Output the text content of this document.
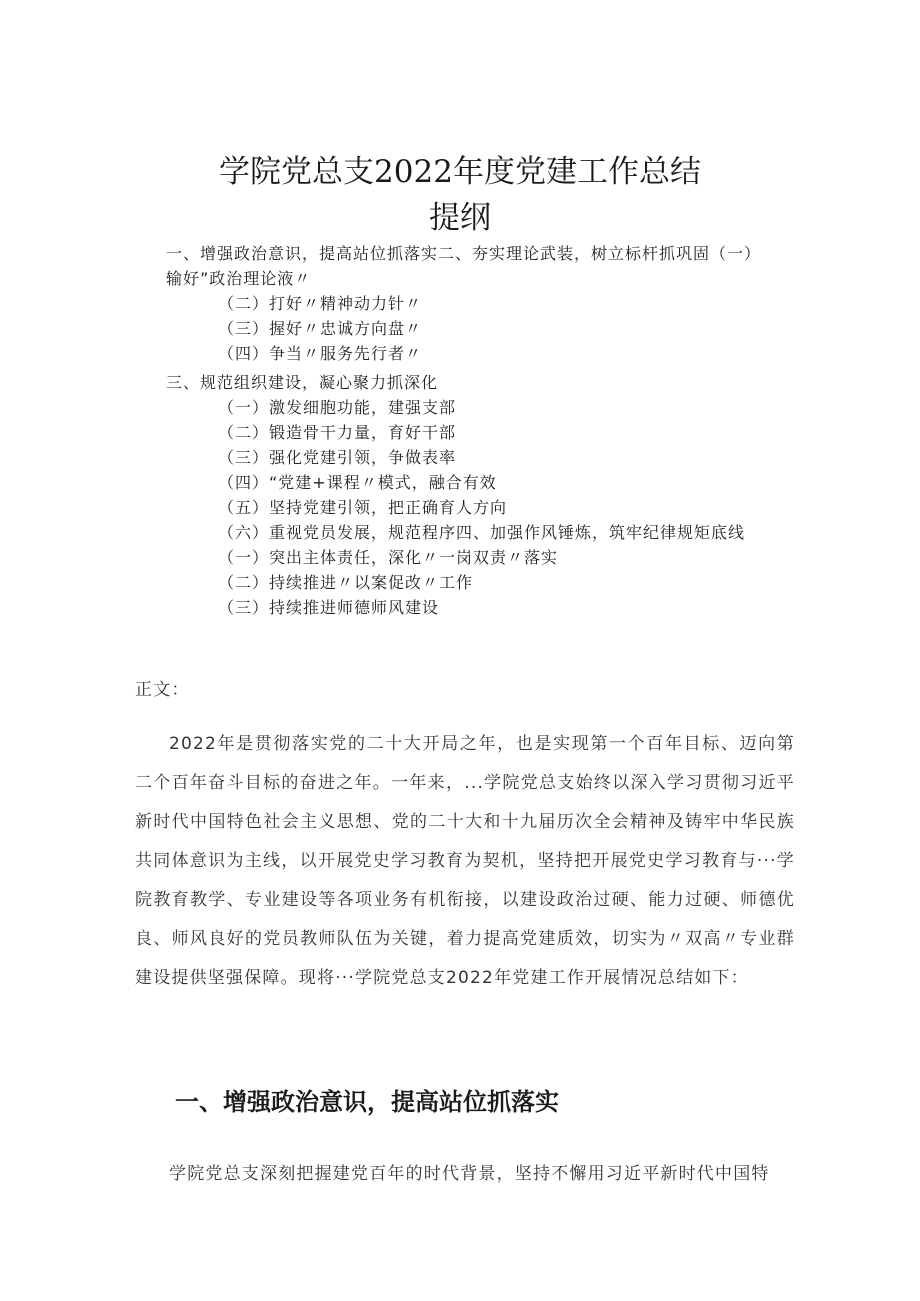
学院党总支2022年度党建工作总结
提纲
一、增强政治意识，提高站位抓落实二、夯实理论武装，树立标杆抓巩固（一）
输好”政治理论液〃
（二）打好〃精神动力针〃
（三）握好〃忠诚方向盘〃
（四）争当〃服务先行者〃
三、规范组织建设，凝心聚力抓深化
（一）激发细胞功能，建强支部
（二）锻造骨干力量，育好干部
（三）强化党建引领，争做表率
（四）“党建+课程〃模式，融合有效
（五）坚持党建引领，把正确育人方向
（六）重视党员发展，规范程序四、加强作风锤炼，筑牢纪律规矩底线
（一）突出主体责任，深化〃一岗双责〃落实
（二）持续推进〃以案促改〃工作
（三）持续推进师德师风建设
正文：

2022年是贯彻落实党的二十大开局之年，也是实现第一个百年目标、迈向第二个百年奋斗目标的奋进之年。一年来，...学院党总支始终以深入学习贯彻习近平新时代中国特色社会主义思想、党的二十大和十九届历次全会精神及铸牢中华民族共同体意识为主线，以开展党史学习教育为契机，坚持把开展党史学习教育与···学院教育教学、专业建设等各项业务有机衔接，以建设政治过硬、能力过硬、师德优良、师风良好的党员教师队伍为关键，着力提高党建质效，切实为〃双高〃专业群建设提供坚强保障。现将···学院党总支2022年党建工作开展情况总结如下：

一、增强政治意识，提高站位抓落实

学院党总支深刻把握建党百年的时代背景，坚持不懈用习近平新时代中国特
